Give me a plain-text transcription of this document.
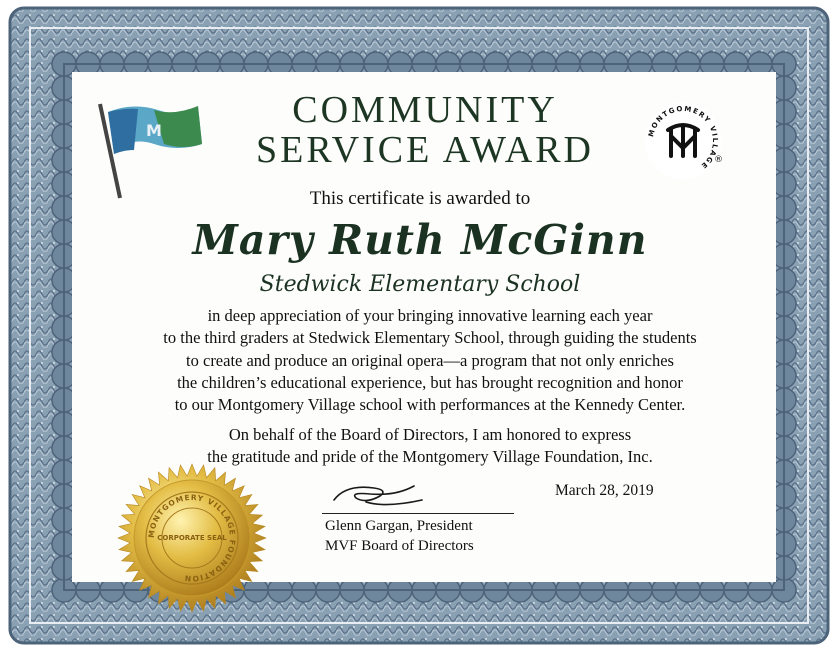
M	COMMUNITY
SERVICE AWARD	MONTGOMERY VILLAGE
®
This certificate is awarded to
Mary Ruth McGinn
Stedwick Elementary School

in deep appreciation of your bringing innovative learning each year

to the third graders at Stedwick Elementary School, through guiding the students

to create and produce an original opera—a program that not only enriches

the children’s educational experience, but has brought recognition and honor

to our Montgomery Village school with performances at the Kennedy Center.

On behalf of the Board of Directors, I am honored to express

the gratitude and pride of the Montgomery Village Foundation, Inc.

March 28, 2019
Glenn Gargan, President
MVF Board of Directors
MONTGOMERY VILLAGE FOUNDATION
CORPORATE SEAL
